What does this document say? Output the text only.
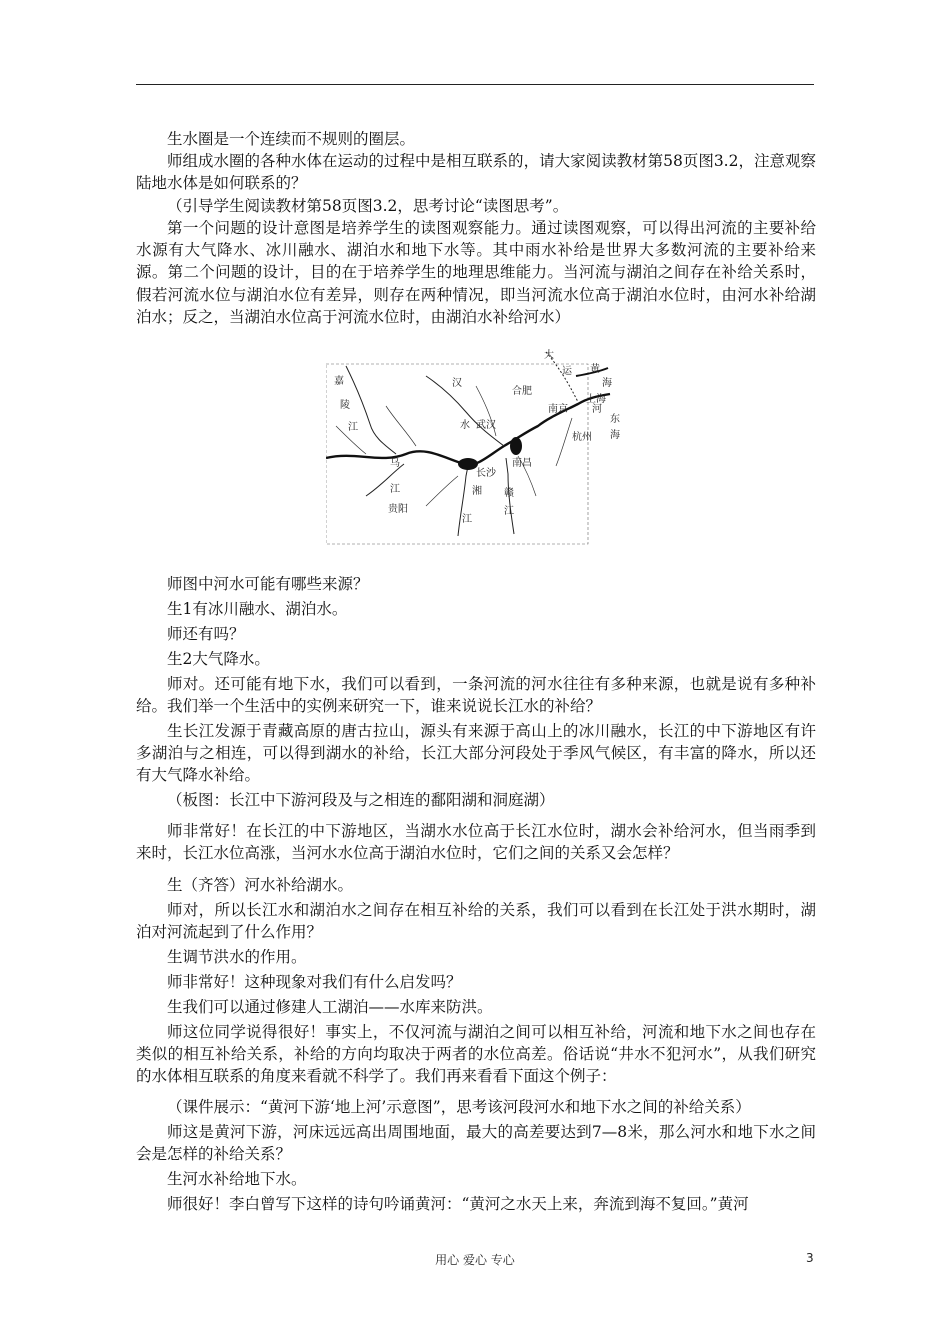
生水圈是一个连续而不规则的圈层。

师组成水圈的各种水体在运动的过程中是相互联系的，请大家阅读教材第58页图3.2，注意观察陆地水体是如何联系的？

（引导学生阅读教材第58页图3.2，思考讨论“读图思考”。

第一个问题的设计意图是培养学生的读图观察能力。通过读图观察，可以得出河流的主要补给水源有大气降水、冰川融水、湖泊水和地下水等。其中雨水补给是世界大多数河流的主要补给来源。第二个问题的设计，目的在于培养学生的地理思维能力。当河流与湖泊之间存在补给关系时，假若河流水位与湖泊水位有差异，则存在两种情况，即当河流水位高于湖泊水位时，由河水补给湖泊水；反之，当湖泊水位高于河流水位时，由湖泊水补给河水）

大
运 黄
海
河
嘉
陵
江
汉
合肥
南京
上海
东
海
水 武汉
杭州
乌
江
长沙
南昌
湘 赣
江
贵阳
江

师图中河水可能有哪些来源？

生1有冰川融水、湖泊水。

师还有吗？

生2大气降水。

师对。还可能有地下水，我们可以看到，一条河流的河水往往有多种来源，也就是说有多种补给。我们举一个生活中的实例来研究一下，谁来说说长江水的补给？

生长江发源于青藏高原的唐古拉山，源头有来源于高山上的冰川融水，长江的中下游地区有许多湖泊与之相连，可以得到湖水的补给，长江大部分河段处于季风气候区，有丰富的降水，所以还有大气降水补给。

（板图：长江中下游河段及与之相连的鄱阳湖和洞庭湖）

师非常好！在长江的中下游地区，当湖水水位高于长江水位时，湖水会补给河水，但当雨季到来时，长江水位高涨，当河水水位高于湖泊水位时，它们之间的关系又会怎样？

生（齐答）河水补给湖水。

师对，所以长江水和湖泊水之间存在相互补给的关系，我们可以看到在长江处于洪水期时，湖泊对河流起到了什么作用？

生调节洪水的作用。

师非常好！这种现象对我们有什么启发吗？

生我们可以通过修建人工湖泊——水库来防洪。

师这位同学说得很好！事实上，不仅河流与湖泊之间可以相互补给，河流和地下水之间也存在类似的相互补给关系，补给的方向均取决于两者的水位高差。俗话说“井水不犯河水”，从我们研究的水体相互联系的角度来看就不科学了。我们再来看看下面这个例子：

（课件展示：“黄河下游‘地上河’示意图”，思考该河段河水和地下水之间的补给关系）

师这是黄河下游，河床远远高出周围地面，最大的高差要达到7—8米，那么河水和地下水之间会是怎样的补给关系？

生河水补给地下水。

师很好！李白曾写下这样的诗句吟诵黄河：“黄河之水天上来，奔流到海不复回。”黄河

用心 爱心 专心	3
